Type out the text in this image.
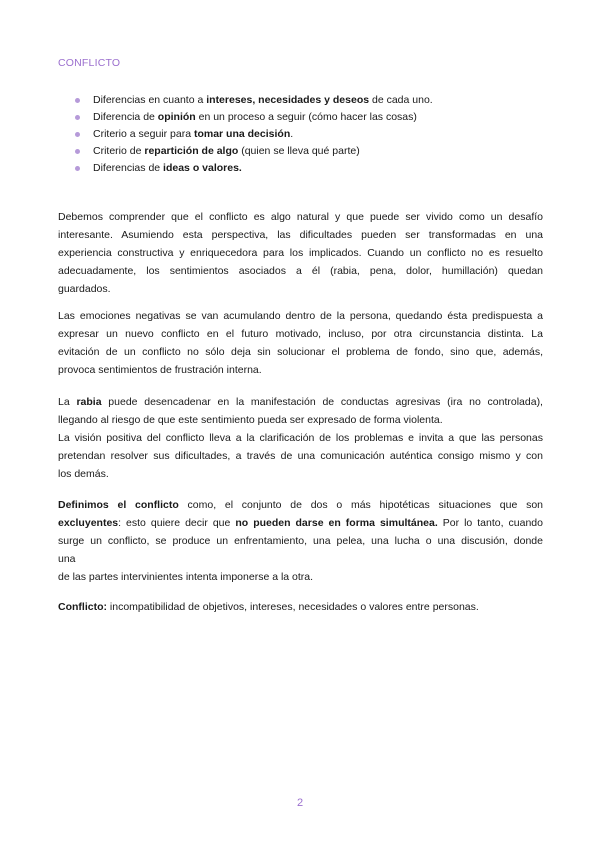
CONFLICTO
Diferencias en cuanto a intereses, necesidades y deseos de cada uno.
Diferencia de opinión en un proceso a seguir (cómo hacer las cosas)
Criterio a seguir para tomar una decisión.
Criterio de repartición de algo (quien se lleva qué parte)
Diferencias de ideas o valores.
Debemos comprender que el conflicto es algo natural y que puede ser vivido como un desafío
interesante. Asumiendo esta perspectiva, las dificultades pueden ser transformadas en una
experiencia constructiva y enriquecedora para los implicados. Cuando un conflicto no es resuelto
adecuadamente, los sentimientos asociados a él (rabia, pena, dolor, humillación) quedan
guardados.
Las emociones negativas se van acumulando dentro de la persona, quedando ésta predispuesta a
expresar un nuevo conflicto en el futuro motivado, incluso, por otra circunstancia distinta. La
evitación de un conflicto no sólo deja sin solucionar el problema de fondo, sino que, además,
provoca sentimientos de frustración interna.
La rabia puede desencadenar en la manifestación de conductas agresivas (ira no controlada),
llegando al riesgo de que este sentimiento pueda ser expresado de forma violenta.
La visión positiva del conflicto lleva a la clarificación de los problemas e invita a que las personas
pretendan resolver sus dificultades, a través de una comunicación auténtica consigo mismo y con
los demás.
Definimos el conflicto como, el conjunto de dos o más hipotéticas situaciones que son
excluyentes: esto quiere decir que no pueden darse en forma simultánea. Por lo tanto, cuando
surge un conflicto, se produce un enfrentamiento, una pelea, una lucha o una discusión, donde
una
de las partes intervinientes intenta imponerse a la otra.
Conflicto: incompatibilidad de objetivos, intereses, necesidades o valores entre personas.
2
